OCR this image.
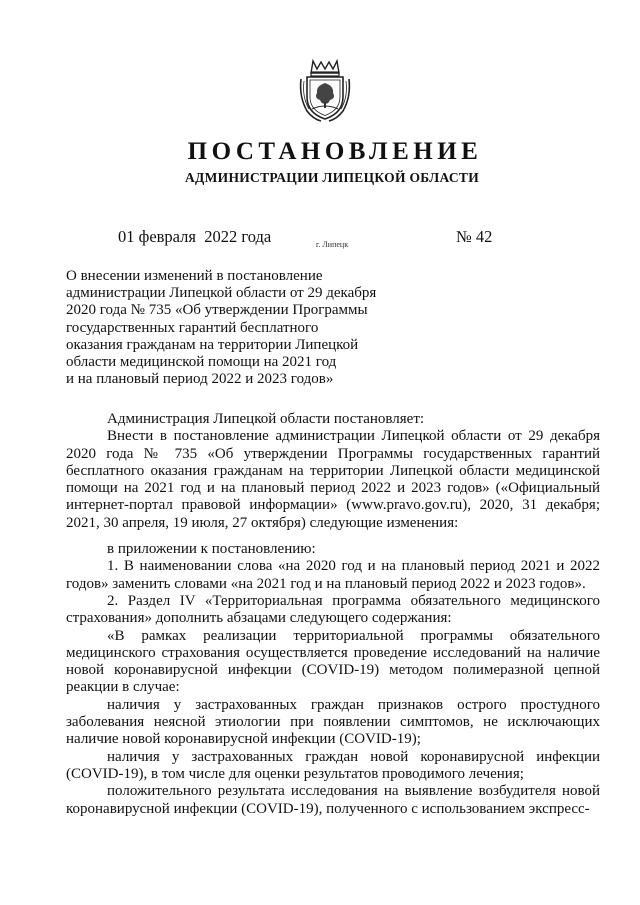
ПОСТАНОВЛЕНИЕ
АДМИНИСТРАЦИИ ЛИПЕЦКОЙ ОБЛАСТИ
01 февраля  2022 года	г. Липецк	№ 42
О внесении изменений в постановление
администрации Липецкой области от 29 декабря
2020 года № 735 «Об утверждении Программы
государственных гарантий бесплатного
оказания гражданам на территории Липецкой
области медицинской помощи на 2021 год
и на плановый период 2022 и 2023 годов»

Администрация Липецкой области постановляет:

Внести в постановление администрации Липецкой области от 29 декабря 2020 года № 735 «Об утверждении Программы государственных гарантий бесплатного оказания гражданам на территории Липецкой области медицинской помощи на 2021 год и на плановый период 2022 и 2023 годов» («Официальный интернет-портал правовой информации» (www.pravo.gov.ru), 2020, 31 декабря; 2021, 30 апреля, 19 июля, 27 октября) следующие изменения:

в приложении к постановлению:

1. В наименовании слова «на 2020 год и на плановый период 2021 и 2022 годов» заменить словами «на 2021 год и на плановый период 2022 и 2023 годов».

2. Раздел IV «Территориальная программа обязательного медицинского страхования» дополнить абзацами следующего содержания:

«В рамках реализации территориальной программы обязательного медицинского страхования осуществляется проведение исследований на наличие новой коронавирусной инфекции (COVID-19) методом полимеразной цепной реакции в случае:

наличия у застрахованных граждан признаков острого простудного заболевания неясной этиологии при появлении симптомов, не исключающих наличие новой коронавирусной инфекции (COVID-19);

наличия у застрахованных граждан новой коронавирусной инфекции (COVID-19), в том числе для оценки результатов проводимого лечения;

положительного результата исследования на выявление возбудителя новой коронавирусной инфекции (COVID-19), полученного с использованием экспресс-
